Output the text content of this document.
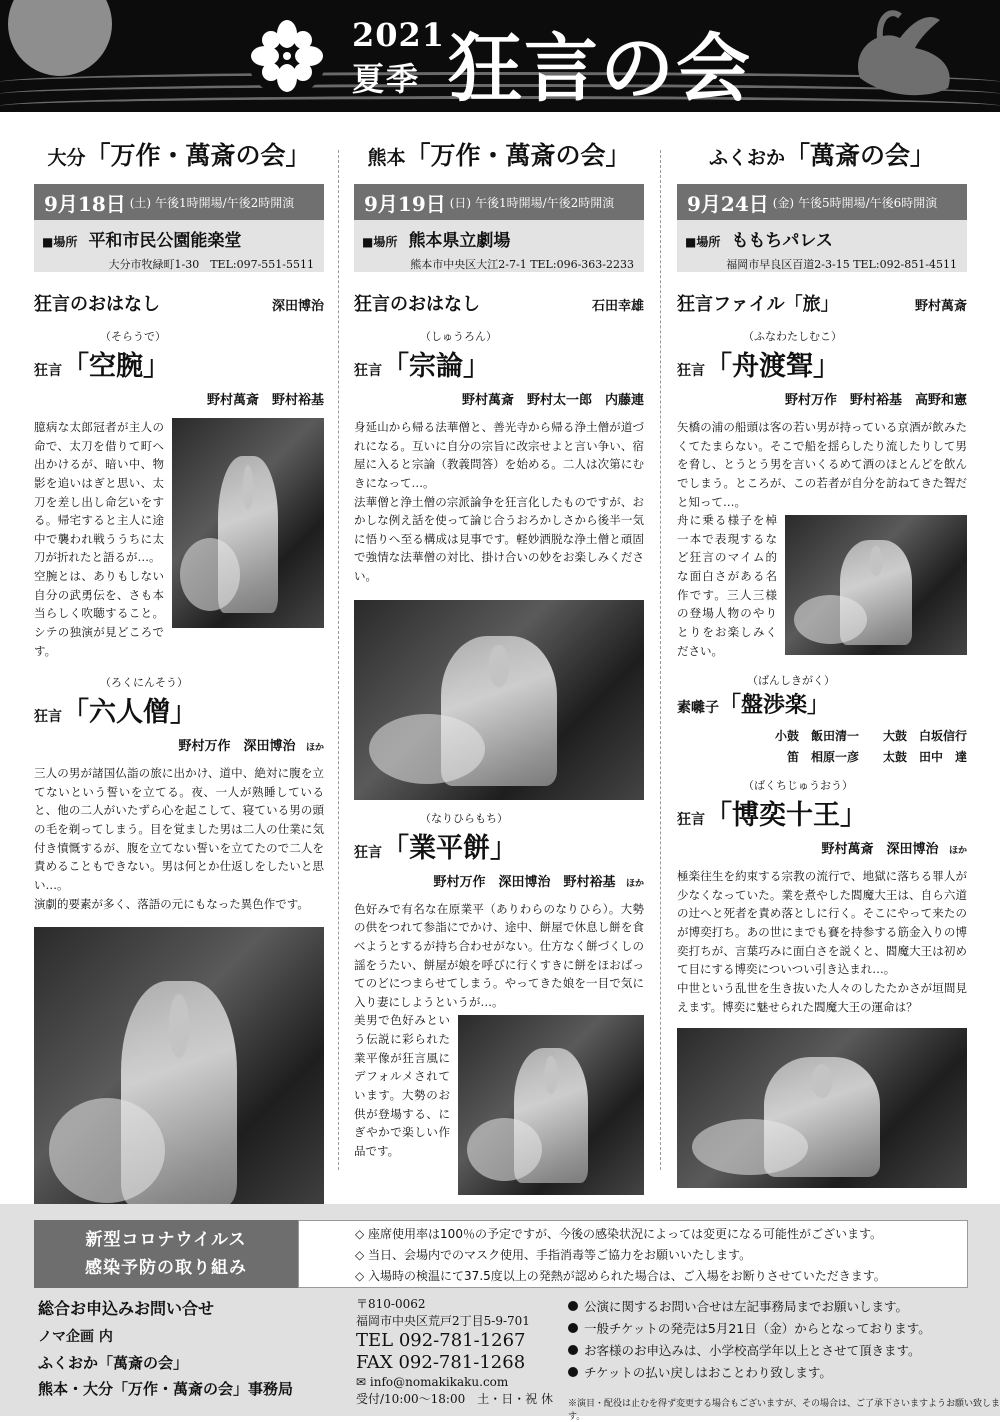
2021
夏季 狂言の会
大分「万作・萬斎の会」
9月18日 (土)
午後1時開場/午後2時開演
■場所 平和市民公園能楽堂
大分市牧緑町1-30　TEL:097-551-5511
狂言のおはなし	深田博治
（そらうで）
狂言「空腕」
野村萬斎　野村裕基

臆病な太郎冠者が主人の命で、太刀を借りて町へ出かけるが、暗い中、物影を追いはぎと思い、太刀を差し出し命乞いをする。帰宅すると主人に途中で襲われ戦ううちに太刀が折れたと語るが…。

空腕とは、ありもしない自分の武勇伝を、さも本当らしく吹聴すること。シテの独演が見どころです。

（ろくにんそう）
狂言「六人僧」
野村万作　深田博治 ほか

三人の男が諸国仏詣の旅に出かけ、道中、絶対に腹を立てないという誓いを立てる。夜、一人が熟睡していると、他の二人がいたずら心を起こして、寝ている男の頭の毛を剃ってしまう。目を覚ました男は二人の仕業に気付き憤慨するが、腹を立てない誓いを立てたので二人を責めることもできない。男は何とか仕返しをしたいと思い…。

演劇的要素が多く、落語の元にもなった異色作です。

熊本「万作・萬斎の会」
9月19日 (日)
午後1時開場/午後2時開演
■場所 熊本県立劇場
熊本市中央区大江2-7-1 TEL:096-363-2233
狂言のおはなし	石田幸雄
（しゅうろん）
狂言「宗論」
野村萬斎　野村太一郎　内藤連

身延山から帰る法華僧と、善光寺から帰る浄土僧が道づれになる。互いに自分の宗旨に改宗せよと言い争い、宿屋に入ると宗論（教義問答）を始める。二人は次第にむきになって…。

法華僧と浄土僧の宗派論争を狂言化したものですが、おかしな例え話を使って論じ合うおろかしさから後半一気に悟りへ至る構成は見事です。軽妙洒脱な浄土僧と頑固で強情な法華僧の対比、掛け合いの妙をお楽しみください。

（なりひらもち）
狂言「業平餅」
野村万作　深田博治　野村裕基 ほか

色好みで有名な在原業平（ありわらのなりひら）。大勢の供をつれて参詣にでかけ、途中、餅屋で休息し餅を食べようとするが持ち合わせがない。仕方なく餅づくしの謡をうたい、餅屋が娘を呼びに行くすきに餅をほおばってのどにつまらせてしまう。やってきた娘を一目で気に入り妻にしようというが…。

美男で色好みという伝説に彩られた業平像が狂言風にデフォルメされています。大勢のお供が登場する、にぎやかで楽しい作品です。

ふくおか「萬斎の会」
9月24日 (金)
午後5時開場/午後6時開演
■場所 ももちパレス
福岡市早良区百道2-3-15 TEL:092-851-4511
狂言ファイル「旅」	野村萬斎
（ふなわたしむこ）
狂言「舟渡聟」
野村万作　野村裕基　高野和憲

矢橋の浦の船頭は客の若い男が持っている京酒が飲みたくてたまらない。そこで船を揺らしたり流したりして男を脅し、とうとう男を言いくるめて酒のほとんどを飲んでしまう。ところが、この若者が自分を訪ねてきた聟だと知って…。

舟に乗る様子を棹一本で表現するなど狂言のマイム的な面白さがある名作です。三人三様の登場人物のやりとりをお楽しみください。

（ばんしきがく）
素囃子「盤渉楽」
小鼓　飯田清一　　大鼓　白坂信行
笛　相原一彦　　太鼓　田中　達
（ばくちじゅうおう）
狂言「博奕十王」
野村萬斎　深田博治 ほか

極楽往生を約束する宗教の流行で、地獄に落ちる罪人が少なくなっていた。業を煮やした閻魔大王は、自ら六道の辻へと死者を責め落としに行く。そこにやって来たのが博奕打ち。あの世にまでも賽を持参する筋金入りの博奕打ちが、言葉巧みに面白さを説くと、閻魔大王は初めて目にする博奕についつい引き込まれ…。

中世という乱世を生き抜いた人々のしたたかさが垣間見えます。博奕に魅せられた閻魔大王の運命は？

新型コロナウイルス
感染予防の取り組み
◇ 座席使用率は100％の予定ですが、今後の感染状況によっては変更になる可能性がございます。
◇ 当日、会場内でのマスク使用、手指消毒等ご協力をお願いいたします。
◇ 入場時の検温にて37.5度以上の発熱が認められた場合は、ご入場をお断りさせていただきます。
総合お申込みお問い合せ
ノマ企画 内
ふくおか「萬斎の会」
熊本・大分「万作・萬斎の会」事務局
〒810-0062
福岡市中央区荒戸2丁目5-9-701
TEL 092-781-1267
FAX 092-781-1268
✉ info@nomakikaku.com
受付/10:00～18:00　土・日・祝 休
公演に関するお問い合せは左記事務局までお願いします。
一般チケットの発売は5月21日（金）からとなっております。
お客様のお申込みは、小学校高学年以上とさせて頂きます。
チケットの払い戻しはおことわり致します。
※演目・配役は止むを得ず変更する場合もございますが、その場合は、ご了承下さいますようお願い致します。
